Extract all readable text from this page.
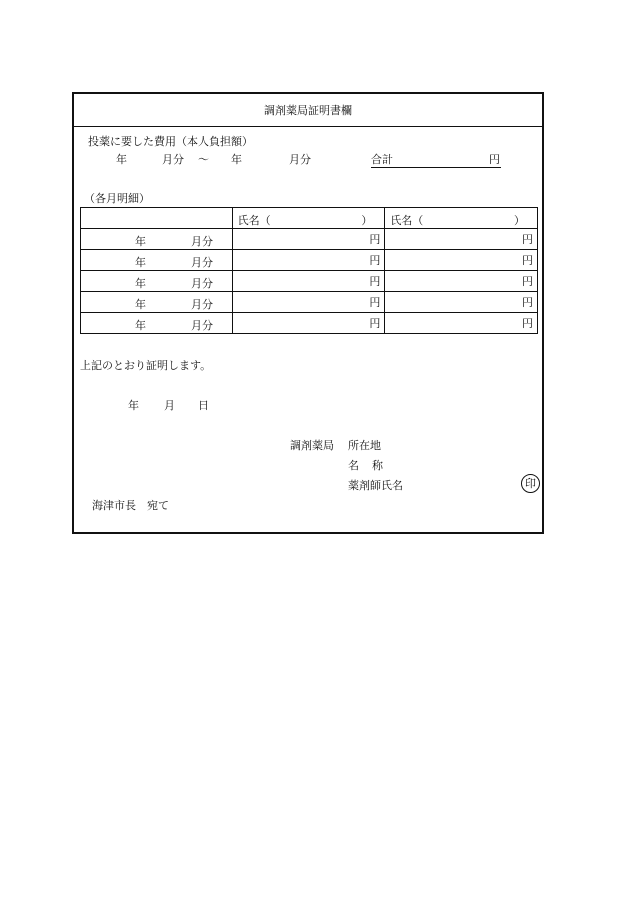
調剤薬局証明書欄
投薬に要した費用（本人負担額）
年	月分 ～ 年	月分	合計	円
（各月明細）

	氏名（ ）	氏名（ ）

年 月分	円	円

年 月分	円	円

年 月分	円	円

年 月分	円	円

年 月分	円	円
上記のとおり証明します。
年 月 日
調剤薬局 所在地
名 称
薬剤師氏名	印
海津市長　宛て
